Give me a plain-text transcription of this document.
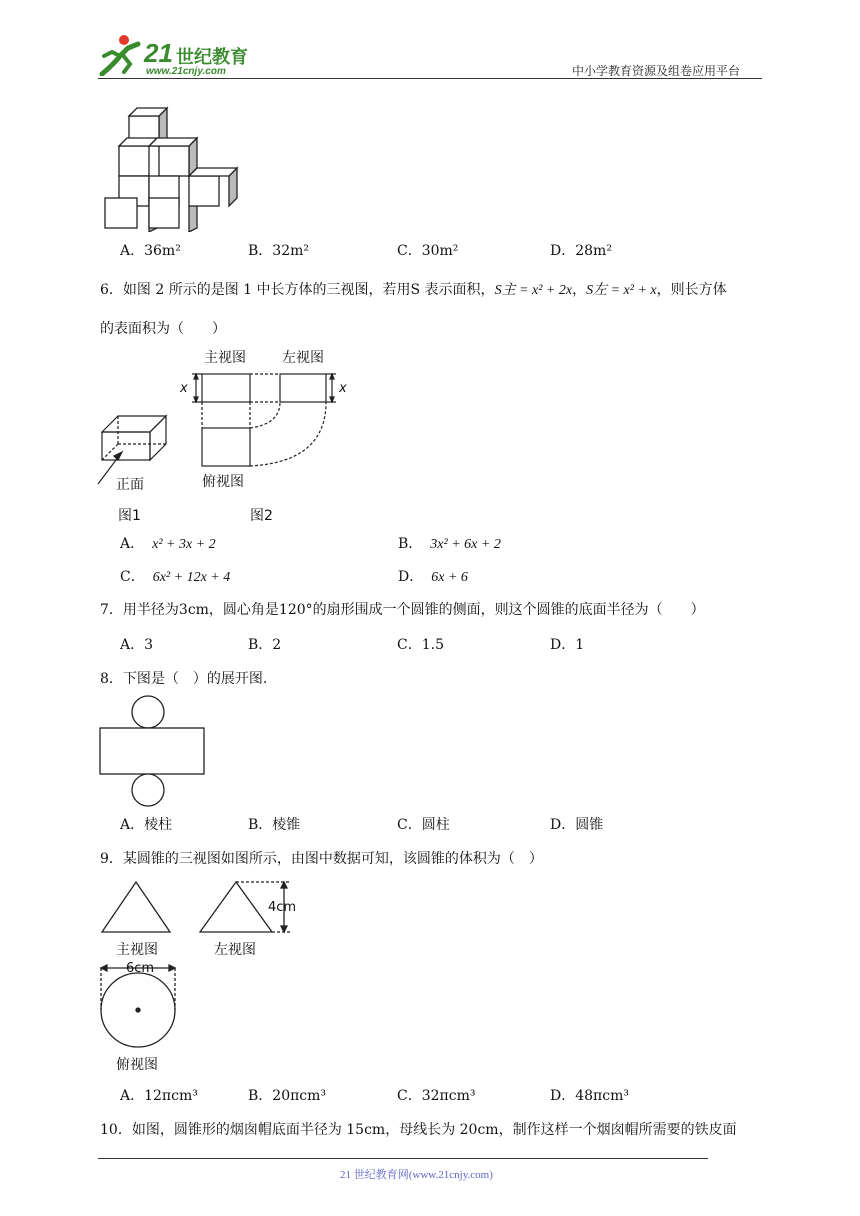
21 世纪教育
www.21cnjy.com	中小学教育资源及组卷应用平台
A．36m²	B．32m²	C．30m²	D．28m²
6．如图 2 所示的是图 1 中长方体的三视图，若用S 表示面积，S主 = x² + 2x，S左 = x² + x，则长方体
的表面积为（　　）
主视图	左视图
俯视图
正面
x	x
图1	图2
A． x² + 3x + 2	B． 3x² + 6x + 2
C． 6x² + 12x + 4	D． 6x + 6
7．用半径为3cm，圆心角是120°的扇形围成一个圆锥的侧面，则这个圆锥的底面半径为（　　）
A．3	B．2	C．1.5	D．1
8．下图是（　）的展开图.
A．棱柱	B．棱锥	C．圆柱	D．圆锥
9．某圆锥的三视图如图所示，由图中数据可知，该圆锥的体积为（　）
主视图	左视图
4cm
6cm
俯视图
A．12πcm³	B．20πcm³	C．32πcm³	D．48πcm³
10．如图，圆锥形的烟囱帽底面半径为 15cm，母线长为 20cm，制作这样一个烟囱帽所需要的铁皮面
21 世纪教育网(www.21cnjy.com)
